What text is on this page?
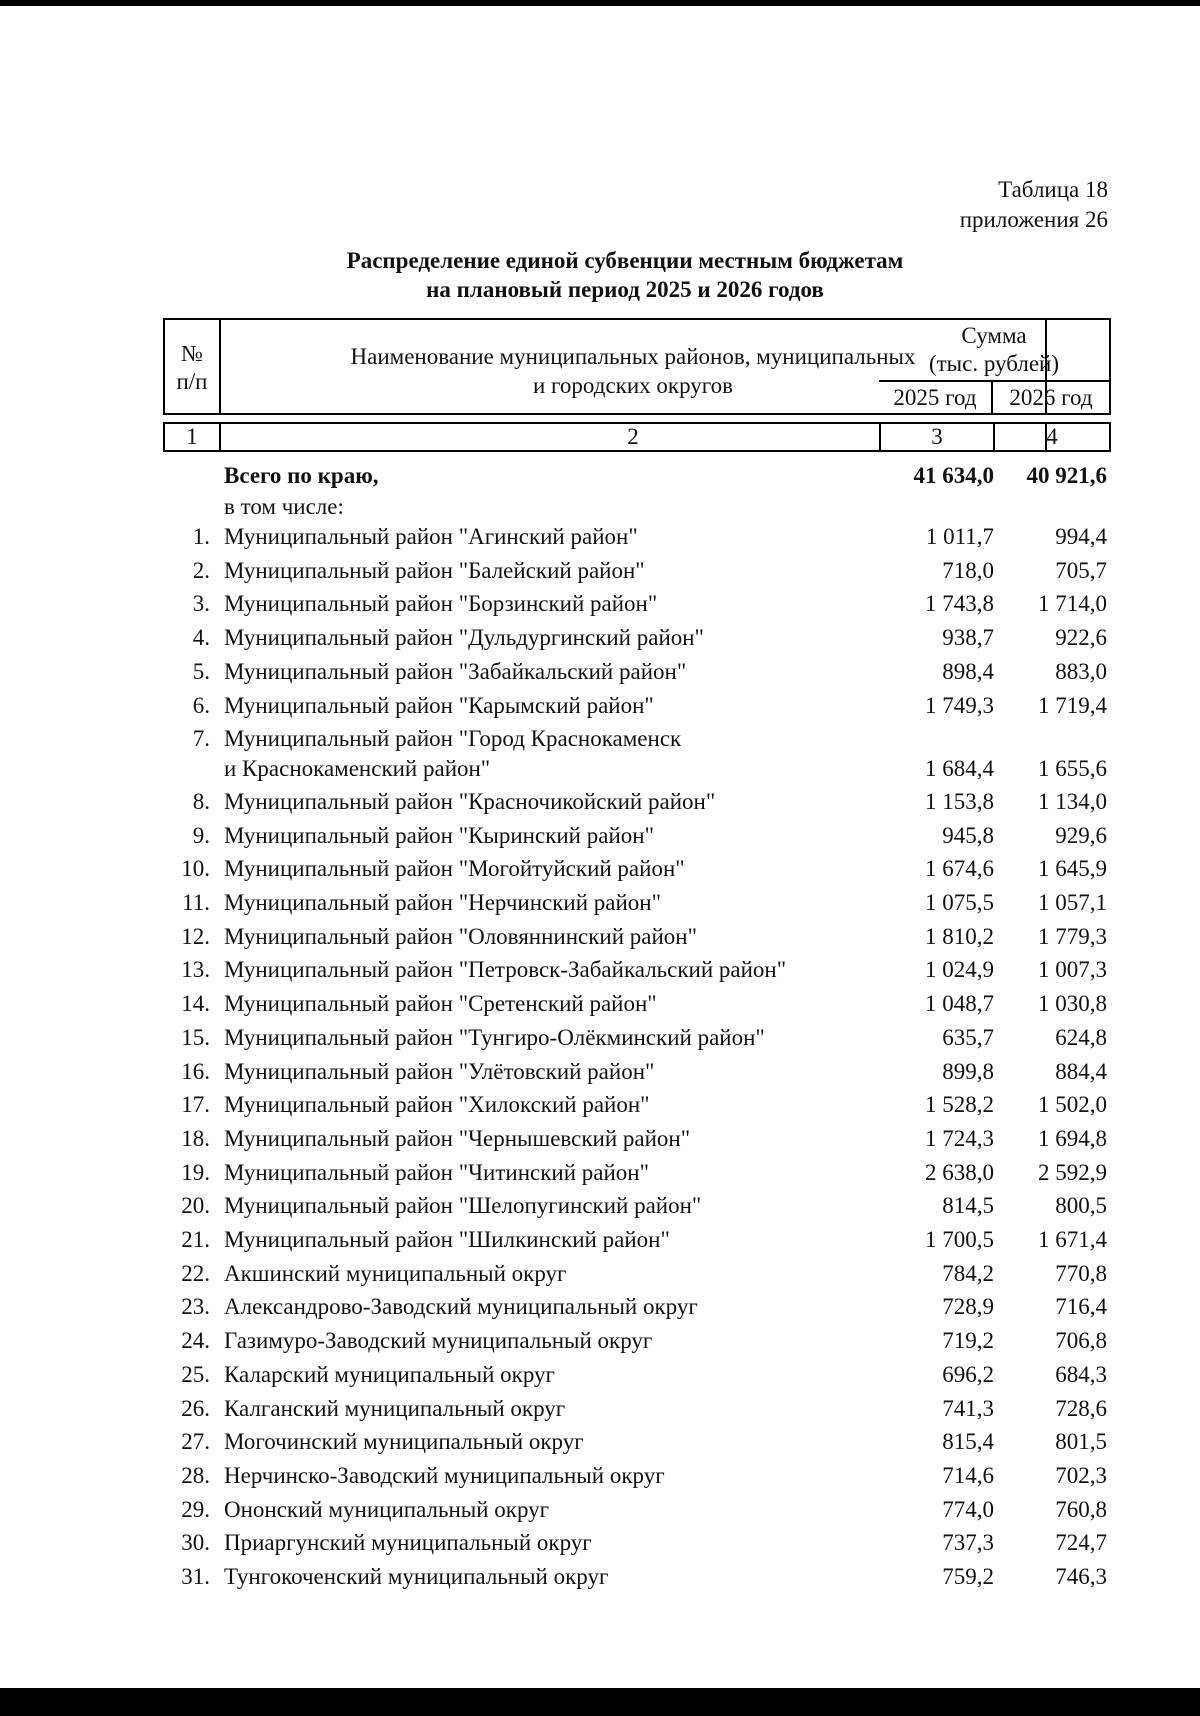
Таблица 18
приложения 26
Распределение единой субвенции местным бюджетам
на плановый период 2025 и 2026 годов
№
п/п
Наименование муниципальных районов, муниципальных
и городских округов
Сумма
(тыс. рублей)
2025 год	2026 год
1	2	3	4
Всего по краю,	41 634,0	40 921,6
в том числе:
1. Муниципальный район "Агинский район"	1 011,7	994,4
2. Муниципальный район "Балейский район"	718,0	705,7
3. Муниципальный район "Борзинский район"	1 743,8	1 714,0
4. Муниципальный район "Дульдургинский район"	938,7	922,6
5. Муниципальный район "Забайкальский район"	898,4	883,0
6. Муниципальный район "Карымский район"	1 749,3	1 719,4
7. Муниципальный район "Город Краснокаменск
и Краснокаменский район"	1 684,4	1 655,6
8. Муниципальный район "Красночикойский район"	1 153,8	1 134,0
9. Муниципальный район "Кыринский район"	945,8	929,6
10. Муниципальный район "Могойтуйский район"	1 674,6	1 645,9
11. Муниципальный район "Нерчинский район"	1 075,5	1 057,1
12. Муниципальный район "Оловяннинский район"	1 810,2	1 779,3
13. Муниципальный район "Петровск-Забайкальский район"	1 024,9	1 007,3
14. Муниципальный район "Сретенский район"	1 048,7	1 030,8
15. Муниципальный район "Тунгиро-Олёкминский район"	635,7	624,8
16. Муниципальный район "Улётовский район"	899,8	884,4
17. Муниципальный район "Хилокский район"	1 528,2	1 502,0
18. Муниципальный район "Чернышевский район"	1 724,3	1 694,8
19. Муниципальный район "Читинский район"	2 638,0	2 592,9
20. Муниципальный район "Шелопугинский район"	814,5	800,5
21. Муниципальный район "Шилкинский район"	1 700,5	1 671,4
22. Акшинский муниципальный округ	784,2	770,8
23. Александрово-Заводский муниципальный округ	728,9	716,4
24. Газимуро-Заводский муниципальный округ	719,2	706,8
25. Каларский муниципальный округ	696,2	684,3
26. Калганский муниципальный округ	741,3	728,6
27. Могочинский муниципальный округ	815,4	801,5
28. Нерчинско-Заводский муниципальный округ	714,6	702,3
29. Ононский муниципальный округ	774,0	760,8
30. Приаргунский муниципальный округ	737,3	724,7
31. Тунгокоченский муниципальный округ	759,2	746,3
